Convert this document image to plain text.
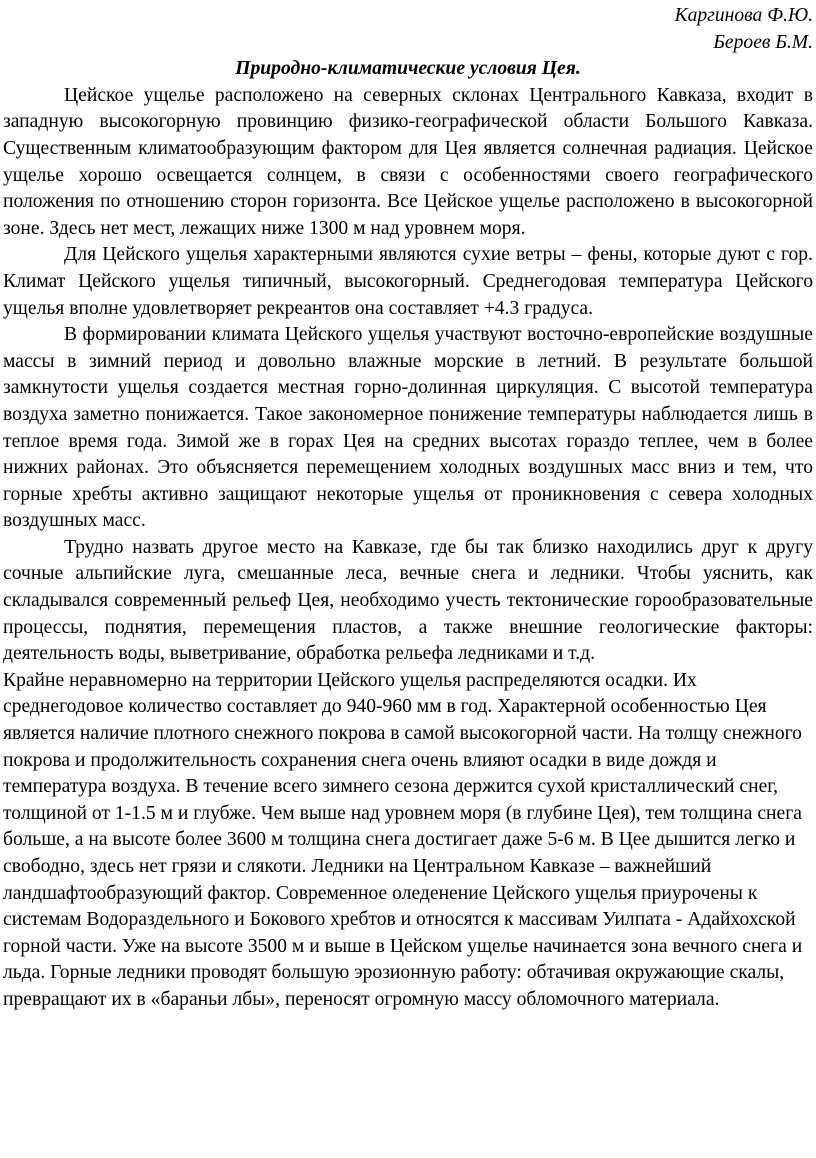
Каргинова Ф.Ю.

Бероев Б.М.

Природно-климатические условия Цея.

Цейское ущелье расположено на северных склонах Центрального Кавказа, входит в западную высокогорную провинцию физико-географической области Большого Кавказа. Существенным климатообразующим фактором для Цея является солнечная радиация. Цейское ущелье хорошо освещается солнцем, в связи с особенностями своего географического положения по отношению сторон горизонта. Все Цейское ущелье расположено в высокогорной зоне. Здесь нет мест, лежащих ниже 1300 м над уровнем моря.

Для Цейского ущелья характерными являются сухие ветры – фены, которые дуют с гор. Климат Цейского ущелья типичный, высокогорный. Среднегодовая температура Цейского ущелья вполне удовлетворяет рекреантов она составляет +4.3 градуса.

В формировании климата Цейского ущелья участвуют восточно-европейские воздушные массы в зимний период и довольно влажные морские в летний. В результате большой замкнутости ущелья создается местная горно-долинная циркуляция. С высотой температура воздуха заметно понижается. Такое закономерное понижение температуры наблюдается лишь в теплое время года. Зимой же в горах Цея на средних высотах гораздо теплее, чем в более нижних районах. Это объясняется перемещением холодных воздушных масс вниз и тем, что горные хребты активно защищают некоторые ущелья от проникновения с севера холодных воздушных масс.

Трудно назвать другое место на Кавказе, где бы так близко находились друг к другу сочные альпийские луга, смешанные леса, вечные снега и ледники. Чтобы уяснить, как складывался современный рельеф Цея, необходимо учесть тектонические горообразовательные процессы, поднятия, перемещения пластов, а также внешние геологические факторы: деятельность воды, выветривание, обработка рельефа ледниками и т.д.

Крайне неравномерно на территории Цейского ущелья распределяются осадки. Их среднегодовое количество составляет до 940-960 мм в год. Характерной особенностью Цея является наличие плотного снежного покрова в самой высокогорной части. На толщу снежного покрова и продолжительность сохранения снега очень влияют осадки в виде дождя и температура воздуха. В течение всего зимнего сезона держится сухой кристаллический снег, толщиной от 1-1.5 м и глубже. Чем выше над уровнем моря (в глубине Цея), тем толщина снега больше, а на высоте более 3600 м толщина снега достигает даже 5-6 м. В Цее дышится легко и свободно, здесь нет грязи и слякоти. Ледники на Центральном Кавказе – важнейший ландшафтообразующий фактор. Современное оледенение Цейского ущелья приурочены к системам Водораздельного и Бокового хребтов и относятся к массивам Уилпата - Адайхохской горной части. Уже на высоте 3500 м и выше в Цейском ущелье начинается зона вечного снега и льда. Горные ледники проводят большую эрозионную работу: обтачивая окружающие скалы, превращают их в «бараньи лбы», переносят огромную массу обломочного материала.
